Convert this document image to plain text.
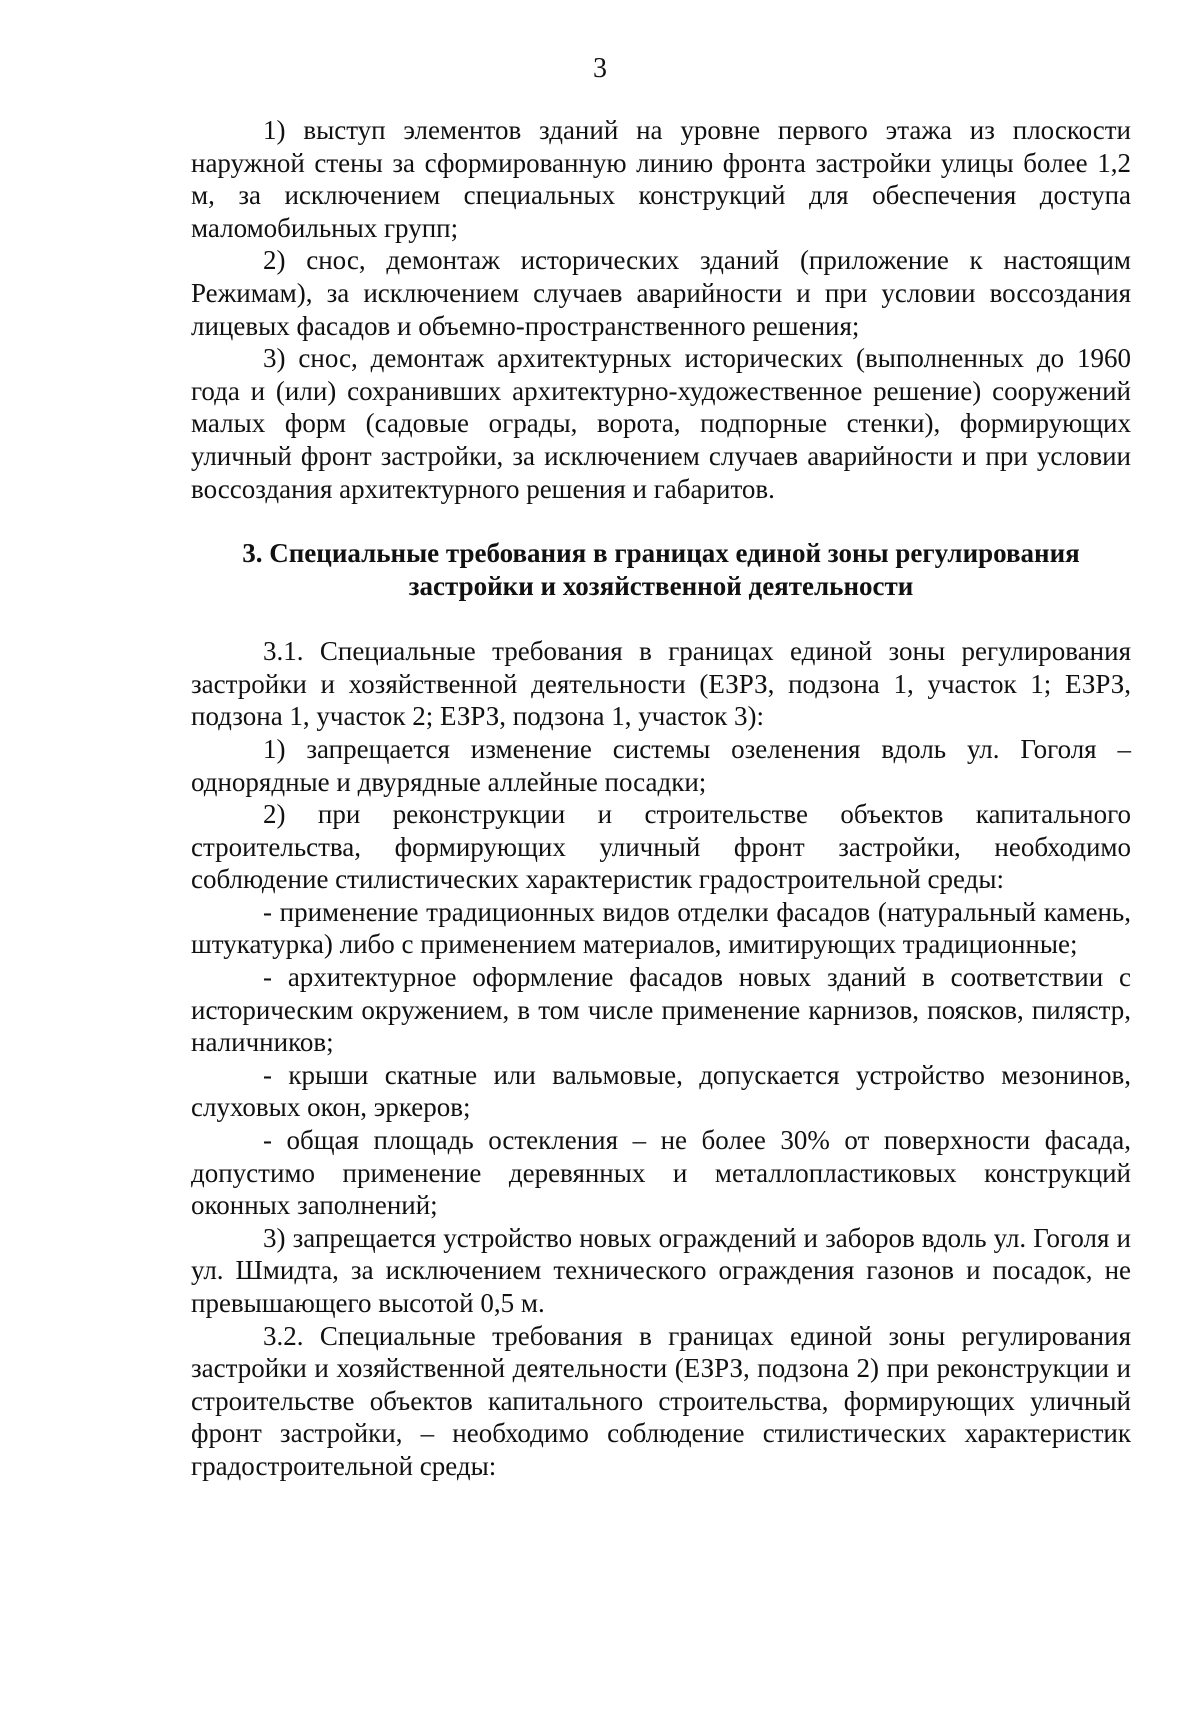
3

1) выступ элементов зданий на уровне первого этажа из плоскости наружной стены за сформированную линию фронта застройки улицы более 1,2 м, за исключением специальных конструкций для обеспечения доступа маломобильных групп;

2) снос, демонтаж исторических зданий (приложение к настоящим Режимам), за исключением случаев аварийности и при условии воссоздания лицевых фасадов и объемно-пространственного решения;

3) снос, демонтаж архитектурных исторических (выполненных до 1960 года и (или) сохранивших архитектурно-художественное решение) сооружений малых форм (садовые ограды, ворота, подпорные стенки), формирующих уличный фронт застройки, за исключением случаев аварийности и при условии воссоздания архитектурного решения и габаритов.

3. Специальные требования в границах единой зоны регулирования
застройки и хозяйственной деятельности

3.1. Специальные требования в границах единой зоны регулирования застройки и хозяйственной деятельности (ЕЗРЗ, подзона 1, участок 1; ЕЗРЗ, подзона 1, участок 2; ЕЗРЗ, подзона 1, участок 3):

1) запрещается изменение системы озеленения вдоль ул. Гоголя – однорядные и двурядные аллейные посадки;

2) при реконструкции и строительстве объектов капитального строительства, формирующих уличный фронт застройки, необходимо соблюдение стилистических характеристик градостроительной среды:

- применение традиционных видов отделки фасадов (натуральный камень, штукатурка) либо с применением материалов, имитирующих традиционные;

- архитектурное оформление фасадов новых зданий в соответствии с историческим окружением, в том числе применение карнизов, поясков, пилястр, наличников;

- крыши скатные или вальмовые, допускается устройство мезонинов, слуховых окон, эркеров;

- общая площадь остекления – не более 30% от поверхности фасада, допустимо применение деревянных и металлопластиковых конструкций оконных заполнений;

3) запрещается устройство новых ограждений и заборов вдоль ул. Гоголя и ул. Шмидта, за исключением технического ограждения газонов и посадок, не превышающего высотой 0,5 м.

3.2. Специальные требования в границах единой зоны регулирования застройки и хозяйственной деятельности (ЕЗРЗ, подзона 2) при реконструкции и строительстве объектов капитального строительства, формирующих уличный фронт застройки, – необходимо соблюдение стилистических характеристик градостроительной среды:
